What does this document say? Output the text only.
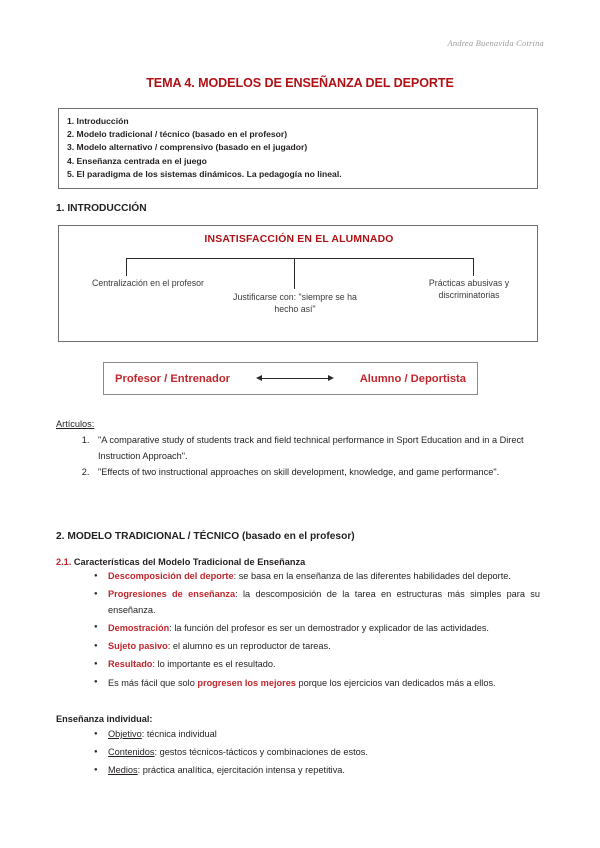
Andrea Buenavida Cotrina
TEMA 4. MODELOS DE ENSEÑANZA DEL DEPORTE
1. Introducción
2. Modelo tradicional / técnico (basado en el profesor)
3. Modelo alternativo / comprensivo (basado en el jugador)
4. Enseñanza centrada en el juego
5. El paradigma de los sistemas dinámicos. La pedagogía no lineal.
1. INTRODUCCIÓN
INSATISFACCIÓN EN EL ALUMNADO
Centralización en el profesor
Justificarse con: "siempre se ha hecho así"
Prácticas abusivas y discriminatorias
Profesor / Entrenador	Alumno / Deportista
Artículos:
1. "A comparative study of students track and field technical performance in Sport Education and in a Direct Instruction Approach".
2. "Effects of two instructional approaches on skill development, knowledge, and game performance".
2. MODELO TRADICIONAL / TÉCNICO (basado en el profesor)
2.1. Características del Modelo Tradicional de Enseñanza
● Descomposición del deporte: se basa en la enseñanza de las diferentes habilidades del deporte.
● Progresiones de enseñanza: la descomposición de la tarea en estructuras más simples para su enseñanza.
● Demostración: la función del profesor es ser un demostrador y explicador de las actividades.
● Sujeto pasivo: el alumno es un reproductor de tareas.
● Resultado: lo importante es el resultado.
● Es más fácil que solo progresen los mejores porque los ejercicios van dedicados más a ellos.
Enseñanza individual:
● Objetivo: técnica individual
● Contenidos: gestos técnicos-tácticos y combinaciones de estos.
● Medios: práctica analítica, ejercitación intensa y repetitiva.
